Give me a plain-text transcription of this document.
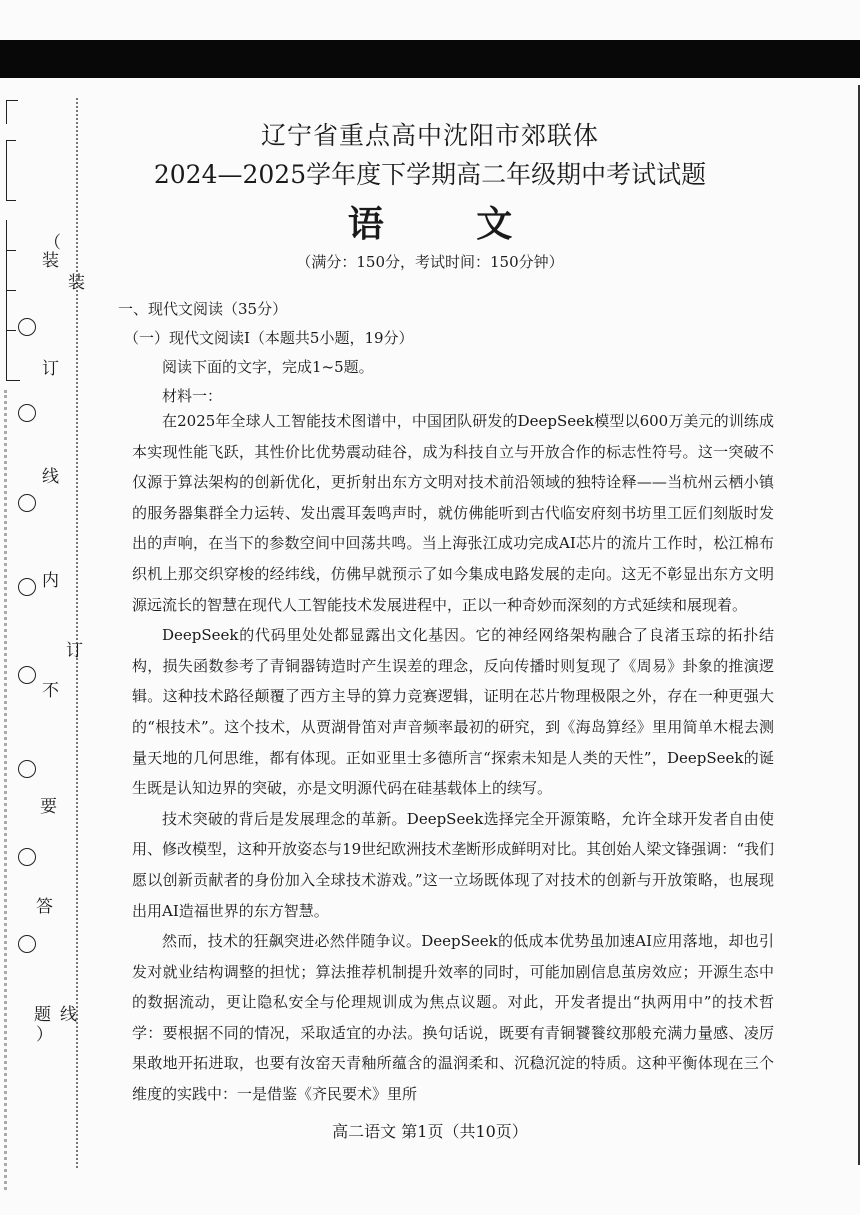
（
装
订
线
内
不
要
答
题
）
装
订
线
辽宁省重点高中沈阳市郊联体
2024—2025学年度下学期高二年级期中考试试题
语 文
（满分：150分，考试时间：150分钟）
一、现代文阅读（35分）
（一）现代文阅读Ⅰ（本题共5小题，19分）
阅读下面的文字，完成1~5题。
材料一：

在2025年全球人工智能技术图谱中，中国团队研发的DeepSeek模型以600万美元的训练成本实现性能飞跃，其性价比优势震动硅谷，成为科技自立与开放合作的标志性符号。这一突破不仅源于算法架构的创新优化，更折射出东方文明对技术前沿领域的独特诠释——当杭州云栖小镇的服务器集群全力运转、发出震耳轰鸣声时，就仿佛能听到古代临安府刻书坊里工匠们刻版时发出的声响，在当下的参数空间中回荡共鸣。当上海张江成功完成AI芯片的流片工作时，松江棉布织机上那交织穿梭的经纬线，仿佛早就预示了如今集成电路发展的走向。这无不彰显出东方文明源远流长的智慧在现代人工智能技术发展进程中，正以一种奇妙而深刻的方式延续和展现着。

DeepSeek的代码里处处都显露出文化基因。它的神经网络架构融合了良渚玉琮的拓扑结构，损失函数参考了青铜器铸造时产生误差的理念，反向传播时则复现了《周易》卦象的推演逻辑。这种技术路径颠覆了西方主导的算力竞赛逻辑，证明在芯片物理极限之外，存在一种更强大的“根技术”。这个技术，从贾湖骨笛对声音频率最初的研究，到《海岛算经》里用简单木棍去测量天地的几何思维，都有体现。正如亚里士多德所言“探索未知是人类的天性”，DeepSeek的诞生既是认知边界的突破，亦是文明源代码在硅基载体上的续写。

技术突破的背后是发展理念的革新。DeepSeek选择完全开源策略，允许全球开发者自由使用、修改模型，这种开放姿态与19世纪欧洲技术垄断形成鲜明对比。其创始人梁文锋强调：“我们愿以创新贡献者的身份加入全球技术游戏。”这一立场既体现了对技术的创新与开放策略，也展现出用AI造福世界的东方智慧。

然而，技术的狂飙突进必然伴随争议。DeepSeek的低成本优势虽加速AI应用落地，却也引发对就业结构调整的担忧；算法推荐机制提升效率的同时，可能加剧信息茧房效应；开源生态中的数据流动，更让隐私安全与伦理规训成为焦点议题。对此，开发者提出“执两用中”的技术哲学：要根据不同的情况，采取适宜的办法。换句话说，既要有青铜饕餮纹那般充满力量感、凌厉果敢地开拓进取，也要有汝窑天青釉所蕴含的温润柔和、沉稳沉淀的特质。这种平衡体现在三个维度的实践中：一是借鉴《齐民要术》里所

高二语文 第1页（共10页）
